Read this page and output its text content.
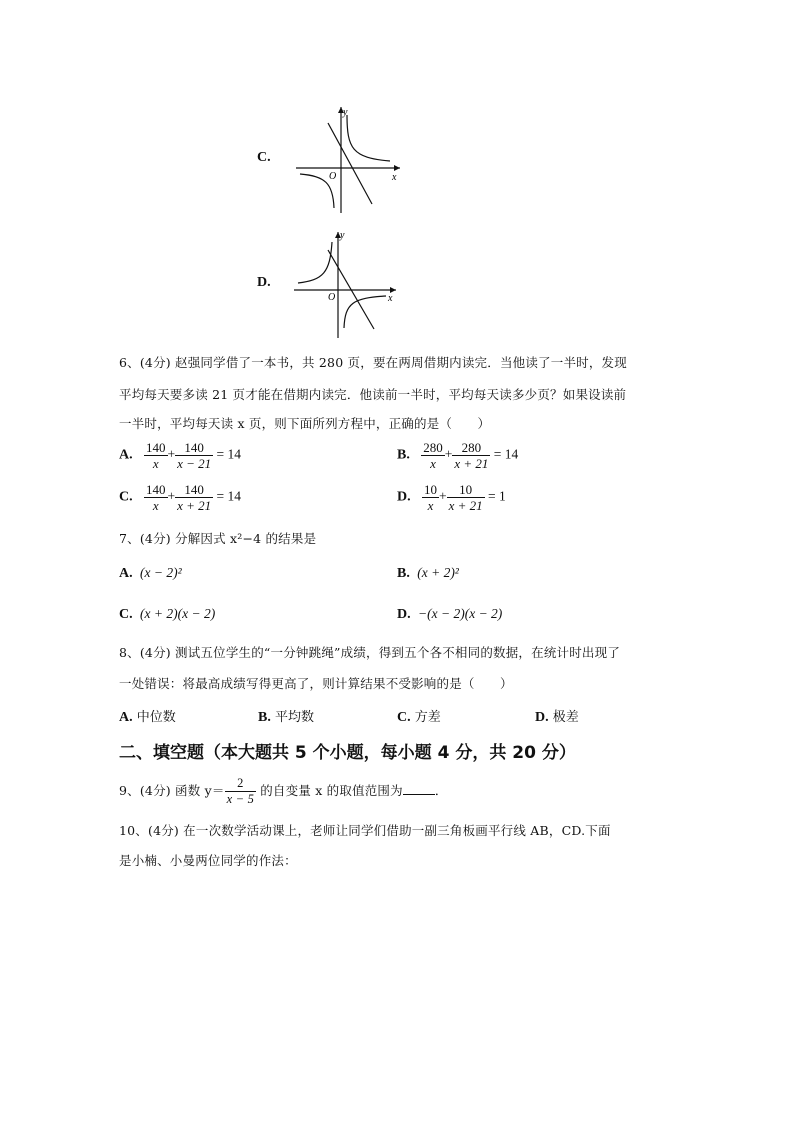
C.
y
x
O
D.
y
x
O
6、(4分) 赵强同学借了一本书，共 280 页，要在两周借期内读完．当他读了一半时，发现
平均每天要多读 21 页才能在借期内读完．他读前一半时，平均每天读多少页？如果设读前
一半时，平均每天读 x 页，则下面所列方程中，正确的是（　　）
A. $\frac{140}{x} + \frac{140}{x - 21} = 14$	B. $\frac{280}{x} + \frac{280}{x + 21} = 14$
C. $\frac{140}{x} + \frac{140}{x + 21} = 14$	D. $\frac{10}{x} + \frac{10}{x + 21} = 1$
7、(4分) 分解因式 x²−4 的结果是
A. (x − 2)²	B. (x + 2)²
C. (x + 2)(x − 2)	D. −(x − 2)(x − 2)
8、(4分) 测试五位学生的“一分钟跳绳”成绩，得到五个各不相同的数据，在统计时出现了
一处错误：将最高成绩写得更高了，则计算结果不受影响的是（　　）
A. 中位数	B. 平均数	C. 方差	D. 极差
二、填空题（本大题共 5 个小题，每小题 4 分，共 20 分）
9、(4分) 函数 $y= \frac{2}{x - 5}$ 的自变量 x 的取值范围为	．
10、(4分) 在一次数学活动课上，老师让同学们借助一副三角板画平行线 AB，CD.下面
是小楠、小曼两位同学的作法：
